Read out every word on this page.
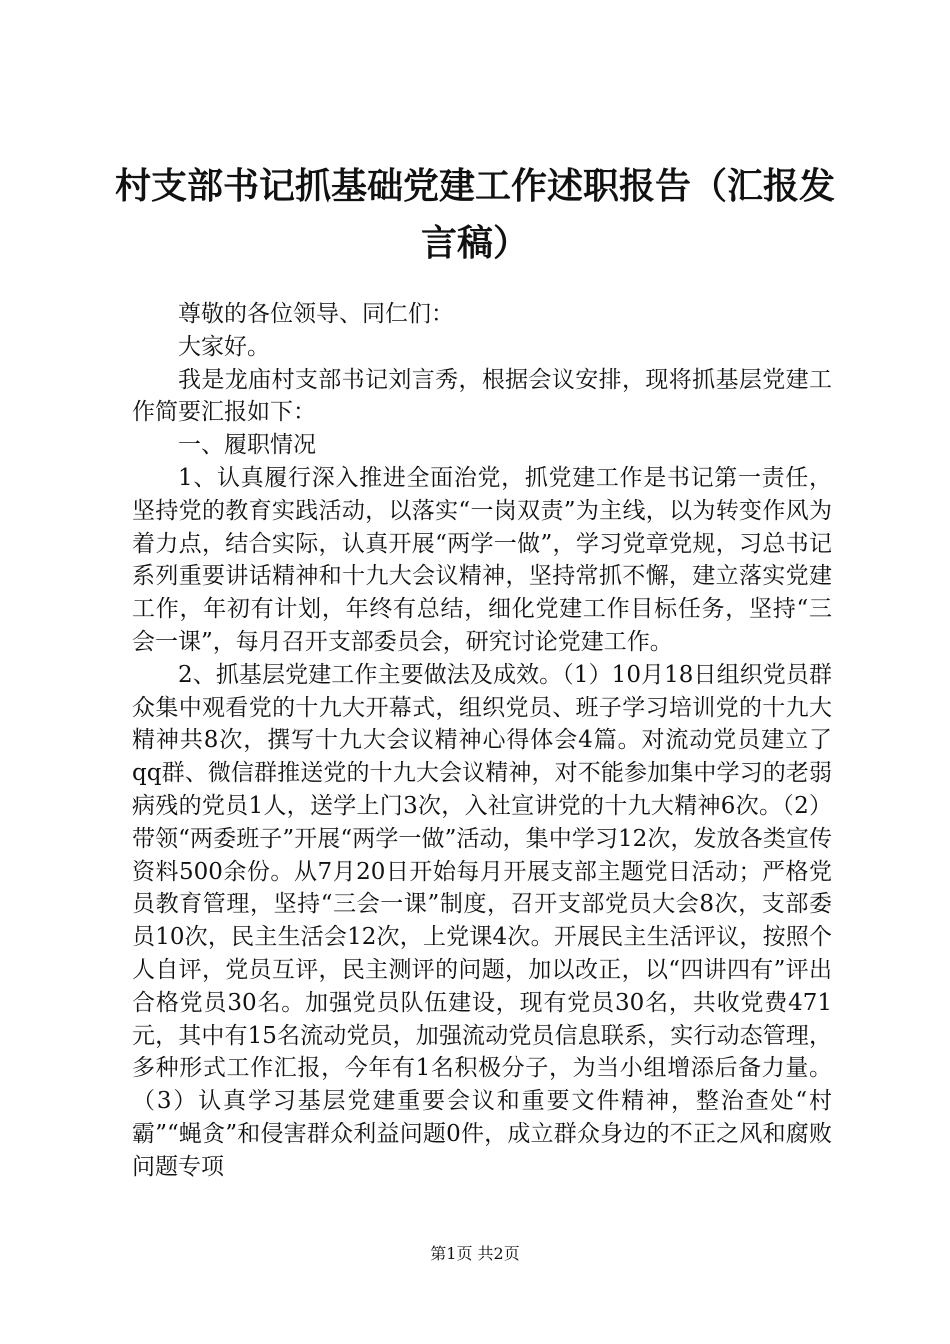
村支部书记抓基础党建工作述职报告（汇报发言稿）

尊敬的各位领导、同仁们：

大家好。

我是龙庙村支部书记刘言秀，根据会议安排，现将抓基层党建工作简要汇报如下：

一、履职情况

1、认真履行深入推进全面治党，抓党建工作是书记第一责任，坚持党的教育实践活动，以落实“一岗双责”为主线，以为转变作风为着力点，结合实际，认真开展“两学一做”，学习党章党规，习总书记系列重要讲话精神和十九大会议精神，坚持常抓不懈，建立落实党建工作，年初有计划，年终有总结，细化党建工作目标任务，坚持“三会一课”，每月召开支部委员会，研究讨论党建工作。

2、抓基层党建工作主要做法及成效。（1）10月18日组织党员群众集中观看党的十九大开幕式，组织党员、班子学习培训党的十九大精神共8次，撰写十九大会议精神心得体会4篇。对流动党员建立了qq群、微信群推送党的十九大会议精神，对不能参加集中学习的老弱病残的党员1人，送学上门3次，入社宣讲党的十九大精神6次。（2）带领“两委班子”开展“两学一做”活动，集中学习12次，发放各类宣传资料500余份。从7月20日开始每月开展支部主题党日活动；严格党员教育管理，坚持“三会一课”制度，召开支部党员大会8次，支部委员10次，民主生活会12次，上党课4次。开展民主生活评议，按照个人自评，党员互评，民主测评的问题，加以改正，以“四讲四有”评出合格党员30名。加强党员队伍建设，现有党员30名，共收党费471元，其中有15名流动党员，加强流动党员信息联系，实行动态管理，多种形式工作汇报，今年有1名积极分子，为当小组增添后备力量。（3）认真学习基层党建重要会议和重要文件精神，整治查处“村霸”“蝇贪”和侵害群众利益问题0件，成立群众身边的不正之风和腐败问题专项

第1页 共2页
